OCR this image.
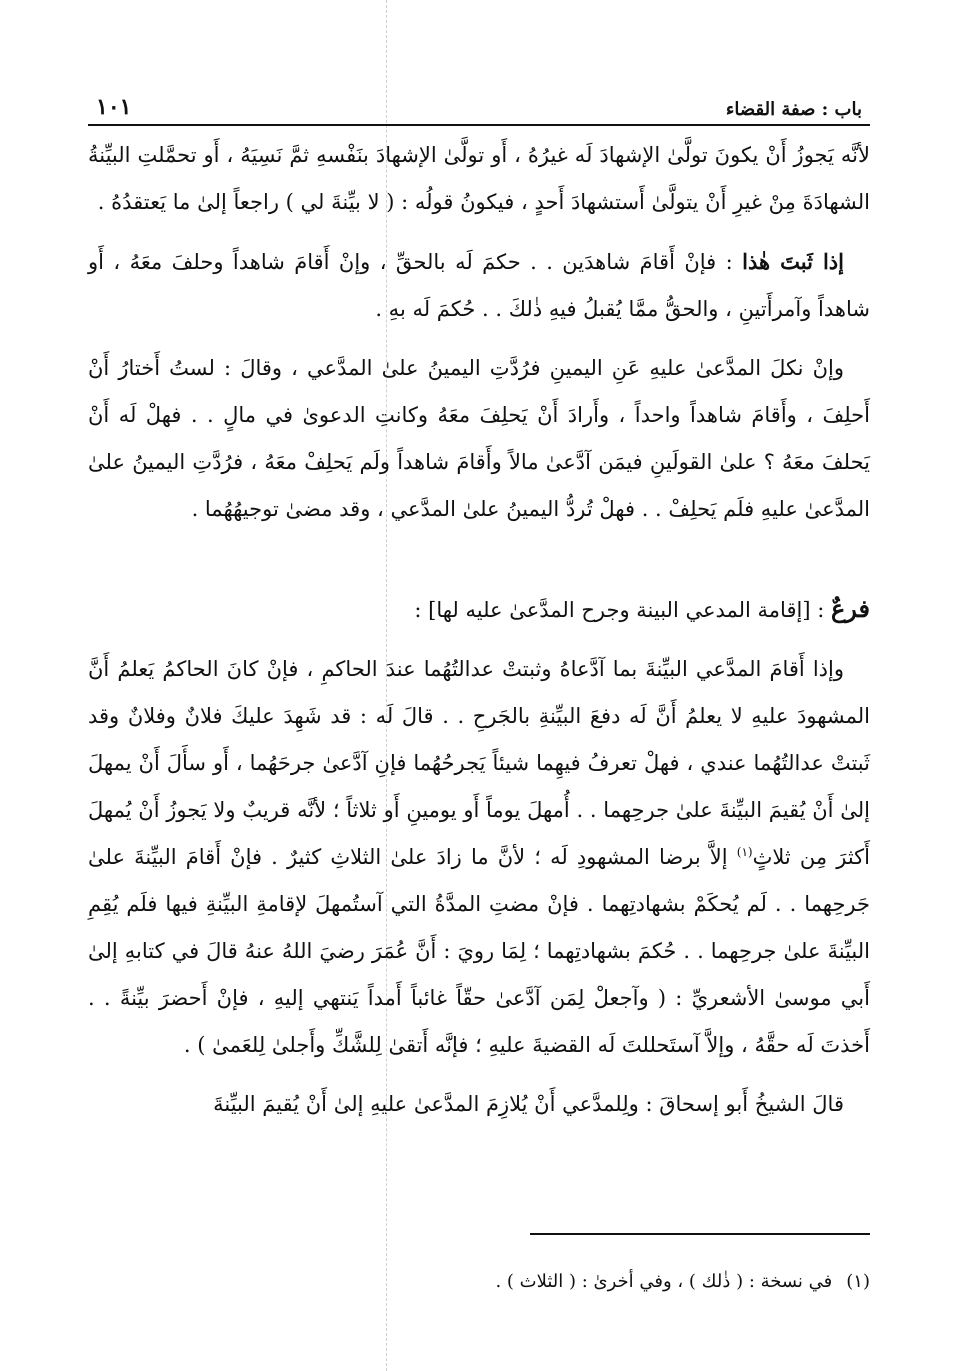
باب : صفة القضاء
١٠١

لأنَّه يَجوزُ أَنْ يكونَ تولَّىٰ الإشهادَ لَه غيرُهُ ، أَو تولَّىٰ الإشهادَ بنَفْسهِ ثمَّ نَسِيَهُ ، أَو تحمَّلتِ البيِّنةُ الشهادَةَ مِنْ غيرِ أَنْ يتولَّىٰ أَستشهادَ أَحدٍ ، فيكونُ قولُه : ( لا بيِّنةَ لي ) راجعاً إلىٰ ما يَعتقدُهُ .

إذا ثَبتَ هٰذا : فإنْ أَقامَ شاهدَين . . حكمَ لَه بالحقِّ ، وإنْ أَقامَ شاهداً وحلفَ معَهُ ، أَو شاهداً وآمرأَتينِ ، والحقُّ ممَّا يُقبلُ فيهِ ذٰلكَ . . حُكمَ لَه بهِ .

وإنْ نكلَ المدَّعىٰ عليهِ عَنِ اليمينِ فرُدَّتِ اليمينُ علىٰ المدَّعي ، وقالَ : لستُ أَختارُ أَنْ أَحلِفَ ، وأَقامَ شاهداً واحداً ، وأَرادَ أَنْ يَحلِفَ معَهُ وكانتِ الدعوىٰ في مالٍ . . فهلْ لَه أَنْ يَحلفَ معَهُ ؟ علىٰ القولَينِ فيمَن آدَّعىٰ مالاً وأَقامَ شاهداً ولَم يَحلِفْ معَهُ ، فرُدَّتِ اليمينُ علىٰ المدَّعىٰ عليهِ فلَم يَحلِفْ . . فهلْ تُردُّ اليمينُ علىٰ المدَّعي ، وقد مضىٰ توجيهُهُما .

فرعٌ : [إقامة المدعي البينة وجرح المدَّعىٰ عليه لها] :

وإذا أَقامَ المدَّعي البيِّنةَ بما آدَّعاهُ وثبتتْ عدالتُهُما عندَ الحاكمِ ، فإنْ كانَ الحاكمُ يَعلمُ أَنَّ المشهودَ عليهِ لا يعلمُ أَنَّ لَه دفعَ البيِّنةِ بالجَرحِ . . قالَ لَه : قد شَهِدَ عليكَ فلانٌ وفلانٌ وقد ثَبتتْ عدالتُهُما عندي ، فهلْ تعرفُ فيهِما شيئاً يَجرحُهُما فإنِ آدَّعىٰ جرحَهُما ، أَو سأَلَ أَنْ يمهلَ إلىٰ أَنْ يُقيمَ البيِّنةَ علىٰ جرحِهما . . أُمهلَ يوماً أَو يومينِ أَو ثلاثاً ؛ لأنَّه قريبٌ ولا يَجوزُ أَنْ يُمهلَ أَكثرَ مِن ثلاثٍ$^{(١)}$ إلاَّ برضا المشهودِ لَه ؛ لأنَّ ما زادَ علىٰ الثلاثِ كثيرٌ . فإنْ أَقامَ البيِّنةَ علىٰ جَرحِهما . . لَم يُحكَمْ بشهادتِهما . فإنْ مضتِ المدَّةُ التي آستُمهلَ لإقامةِ البيِّنةِ فيها فلَم يُقِمِ البيِّنةَ علىٰ جرحِهما . . حُكمَ بشهادتِهما ؛ لِمَا رويَ : أَنَّ عُمَرَ رضيَ اللهُ عنهُ قالَ في كتابهِ إلىٰ أَبي موسىٰ الأشعريِّ : ( وآجعلْ لِمَن آدَّعىٰ حقّاً غائباً أَمداً يَنتهي إليهِ ، فإنْ أَحضرَ بيِّنةً . . أَخذتَ لَه حقَّهُ ، وإلاَّ آستَحللتَ لَه القضيةَ عليهِ ؛ فإنَّه أَتقىٰ لِلشَّكِّ وأَجلىٰ لِلعَمىٰ ) .

قالَ الشيخُ أَبو إسحاقَ : ولِلمدَّعي أَنْ يُلازِمَ المدَّعىٰ عليهِ إلىٰ أَنْ يُقيمَ البيِّنةَ

(١)في نسخة : ( ذٰلك ) ، وفي أخرىٰ : ( الثلاث ) .
